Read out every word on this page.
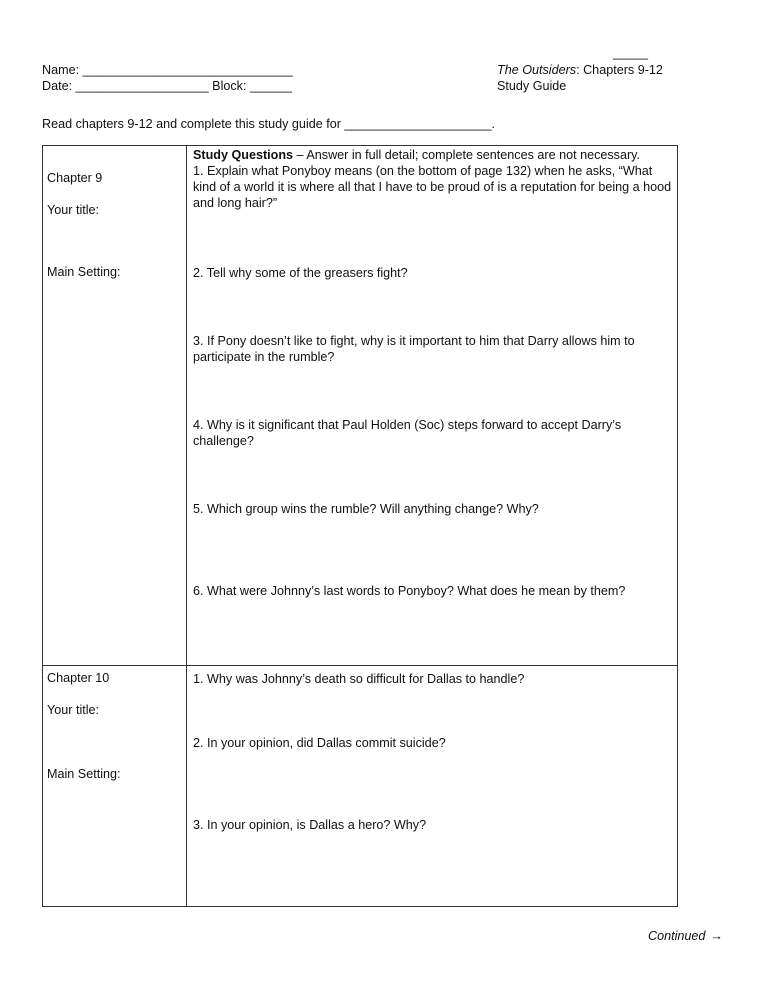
Name: ______________________________
Date: ___________________ Block: ______
_____
The Outsiders: Chapters 9-12
Study Guide
Read chapters 9-12 and complete this study guide for _____________________.
Chapter 9
Your title:
Main Setting:
Study Questions – Answer in full detail; complete sentences are not necessary.
1. Explain what Ponyboy means (on the bottom of page 132) when he asks, “What kind of a world it is where all that I have to be proud of is a reputation for being a hood and long hair?”
2. Tell why some of the greasers fight?
3. If Pony doesn’t like to fight, why is it important to him that Darry allows him to participate in the rumble?
4. Why is it significant that Paul Holden (Soc) steps forward to accept Darry’s challenge?
5. Which group wins the rumble? Will anything change? Why?
6. What were Johnny’s last words to Ponyboy? What does he mean by them?
Chapter 10
Your title:
Main Setting:
1. Why was Johnny’s death so difficult for Dallas to handle?
2. In your opinion, did Dallas commit suicide?
3. In your opinion, is Dallas a hero? Why?
Continued →
